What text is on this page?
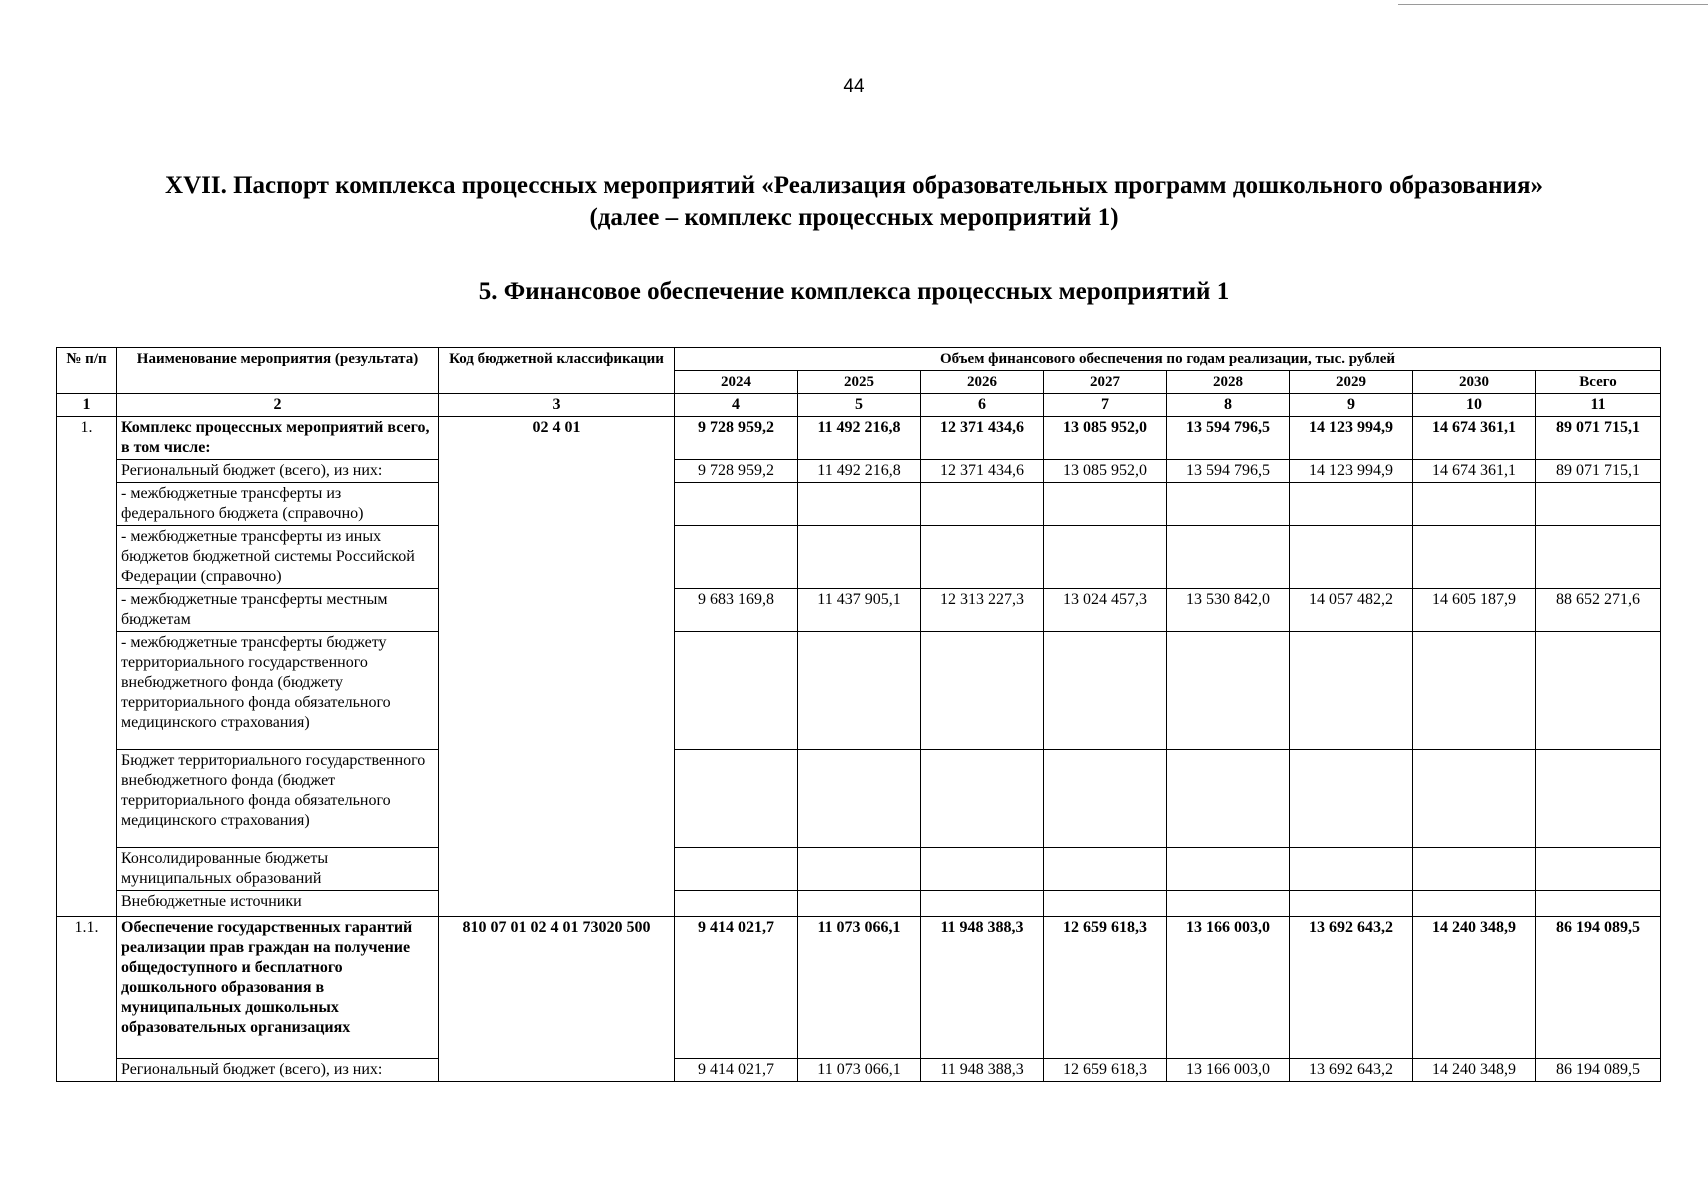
44
XVII. Паспорт комплекса процессных мероприятий «Реализация образовательных программ дошкольного образования»
(далее – комплекс процессных мероприятий 1)
5. Финансовое обеспечение комплекса процессных мероприятий 1
№ п/п	Наименование мероприятия (результата)	Код бюджетной классификации	Объем финансового обеспечения по годам реализации, тыс. рублей							
			2024	2025	2026	2027	2028	2029	2030	Всего
1	2	3	4	5	6	7	8	9	10	11
1.	Комплекс процессных мероприятий всего, в том числе:	02 4 01	9 728 959,2	11 492 216,8	12 371 434,6	13 085 952,0	13 594 796,5	14 123 994,9	14 674 361,1	89 071 715,1
	Региональный бюджет (всего), из них:		9 728 959,2	11 492 216,8	12 371 434,6	13 085 952,0	13 594 796,5	14 123 994,9	14 674 361,1	89 071 715,1
	- межбюджетные трансферты из федерального бюджета (справочно)									
	- межбюджетные трансферты из иных бюджетов бюджетной системы Российской Федерации (справочно)									
	- межбюджетные трансферты местным бюджетам		9 683 169,8	11 437 905,1	12 313 227,3	13 024 457,3	13 530 842,0	14 057 482,2	14 605 187,9	88 652 271,6
	- межбюджетные трансферты бюджету территориального государственного внебюджетного фонда (бюджету территориального фонда обязательного медицинского страхования)									
	Бюджет территориального государственного внебюджетного фонда (бюджет территориального фонда обязательного медицинского страхования)									
	Консолидированные бюджеты муниципальных образований									
	Внебюджетные источники									
1.1.	Обеспечение государственных гарантий реализации прав граждан на получение общедоступного и бесплатного дошкольного образования в муниципальных дошкольных образовательных организациях	810 07 01 02 4 01 73020 500	9 414 021,7	11 073 066,1	11 948 388,3	12 659 618,3	13 166 003,0	13 692 643,2	14 240 348,9	86 194 089,5
	Региональный бюджет (всего), из них:		9 414 021,7	11 073 066,1	11 948 388,3	12 659 618,3	13 166 003,0	13 692 643,2	14 240 348,9	86 194 089,5
